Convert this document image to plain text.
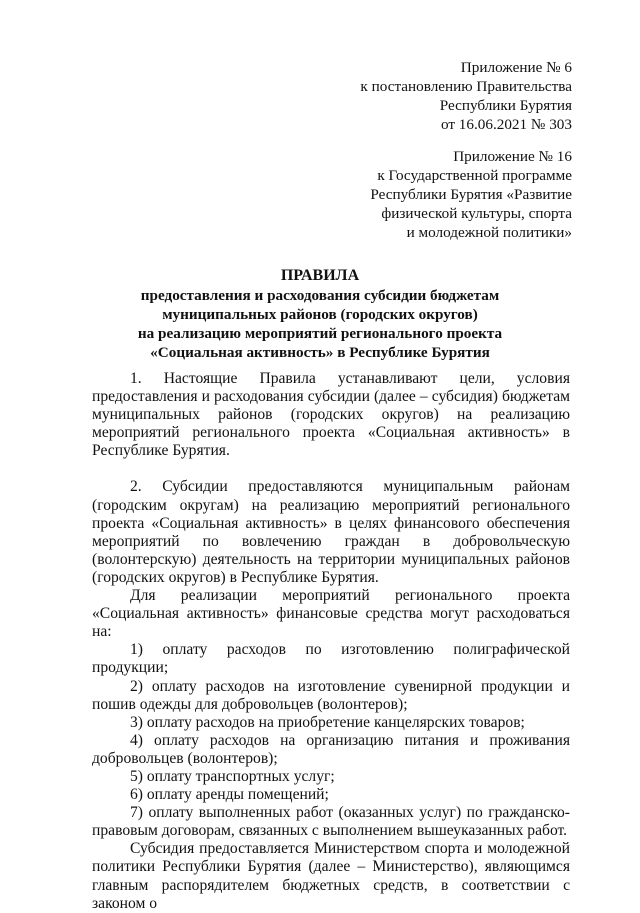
Приложение № 6
к постановлению Правительства
Республики Бурятия
от 16.06.2021 № 303
Приложение № 16
к Государственной программе
Республики Бурятия «Развитие
физической культуры, спорта
и молодежной политики»
ПРАВИЛА
предоставления и расходования субсидии бюджетам
муниципальных районов (городских округов)
на реализацию мероприятий регионального проекта
«Социальная активность» в Республике Бурятия

1. Настоящие Правила устанавливают цели, условия предоставления и расходования субсидии (далее – субсидия) бюджетам муниципальных районов (городских округов) на реализацию мероприятий регионального проекта «Социальная активность» в Республике Бурятия.

2. Субсидии предоставляются муниципальным районам (городским округам) на реализацию мероприятий регионального проекта «Социальная активность» в целях финансового обеспечения мероприятий по вовлечению граждан в добровольческую (волонтерскую) деятельность на территории муниципальных районов (городских округов) в Республике Бурятия.

Для реализации мероприятий регионального проекта «Социальная активность» финансовые средства могут расходоваться на:

1) оплату расходов по изготовлению полиграфической продукции;

2) оплату расходов на изготовление сувенирной продукции и пошив одежды для добровольцев (волонтеров);

3) оплату расходов на приобретение канцелярских товаров;

4) оплату расходов на организацию питания и проживания добровольцев (волонтеров);

5) оплату транспортных услуг;

6) оплату аренды помещений;

7) оплату выполненных работ (оказанных услуг) по гражданско-правовым договорам, связанных с выполнением вышеуказанных работ.

Субсидия предоставляется Министерством спорта и молодежной политики Республики Бурятия (далее – Министерство), являющимся главным распорядителем бюджетных средств, в соответствии с законом о
